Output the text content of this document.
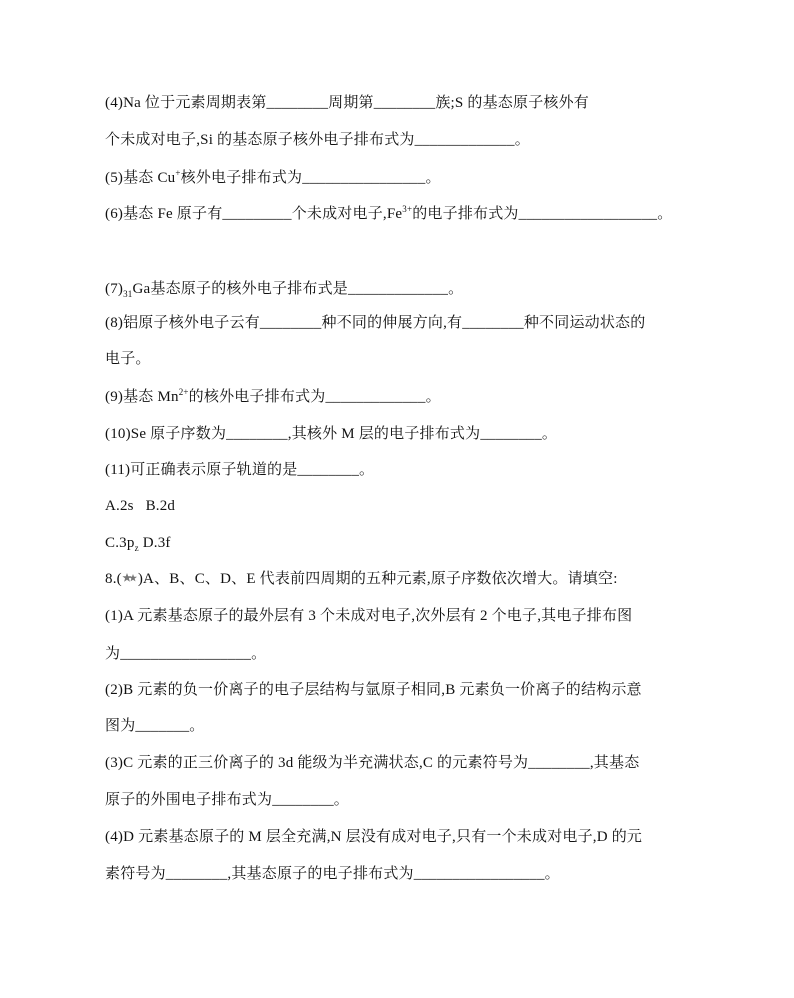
(4)Na 位于元素周期表第________周期第________族;S 的基态原子核外有
个未成对电子,Si 的基态原子核外电子排布式为_____________。
(5)基态 Cu+核外电子排布式为________________。
(6)基态 Fe 原子有_________个未成对电子$,Fe^{3+}$的电子排布式为__________________。
$(7)_{31}Ga$基态原子的核外电子排布式是_____________。
(8)铝原子核外电子云有________种不同的伸展方向,有________种不同运动状态的
电子。
(9)基态 $Mn^{2+}$的核外电子排布式为_____________。
(10)Se 原子序数为________,其核外 M 层的电子排布式为________。
(11)可正确表示原子轨道的是________。
A.2s   B.2d
$C.3p_z$ D.3f
8.( )A、B、C、D、E 代表前四周期的五种元素,原子序数依次增大。请填空:
(1)A 元素基态原子的最外层有 3 个未成对电子,次外层有 2 个电子,其电子排布图
为_________________。
(2)B 元素的负一价离子的电子层结构与氩原子相同,B 元素负一价离子的结构示意
图为_______。
(3)C 元素的正三价离子的 3d 能级为半充满状态,C 的元素符号为________,其基态
原子的外围电子排布式为________。
(4)D 元素基态原子的 M 层全充满,N 层没有成对电子,只有一个未成对电子,D 的元
素符号为________,其基态原子的电子排布式为_________________。
